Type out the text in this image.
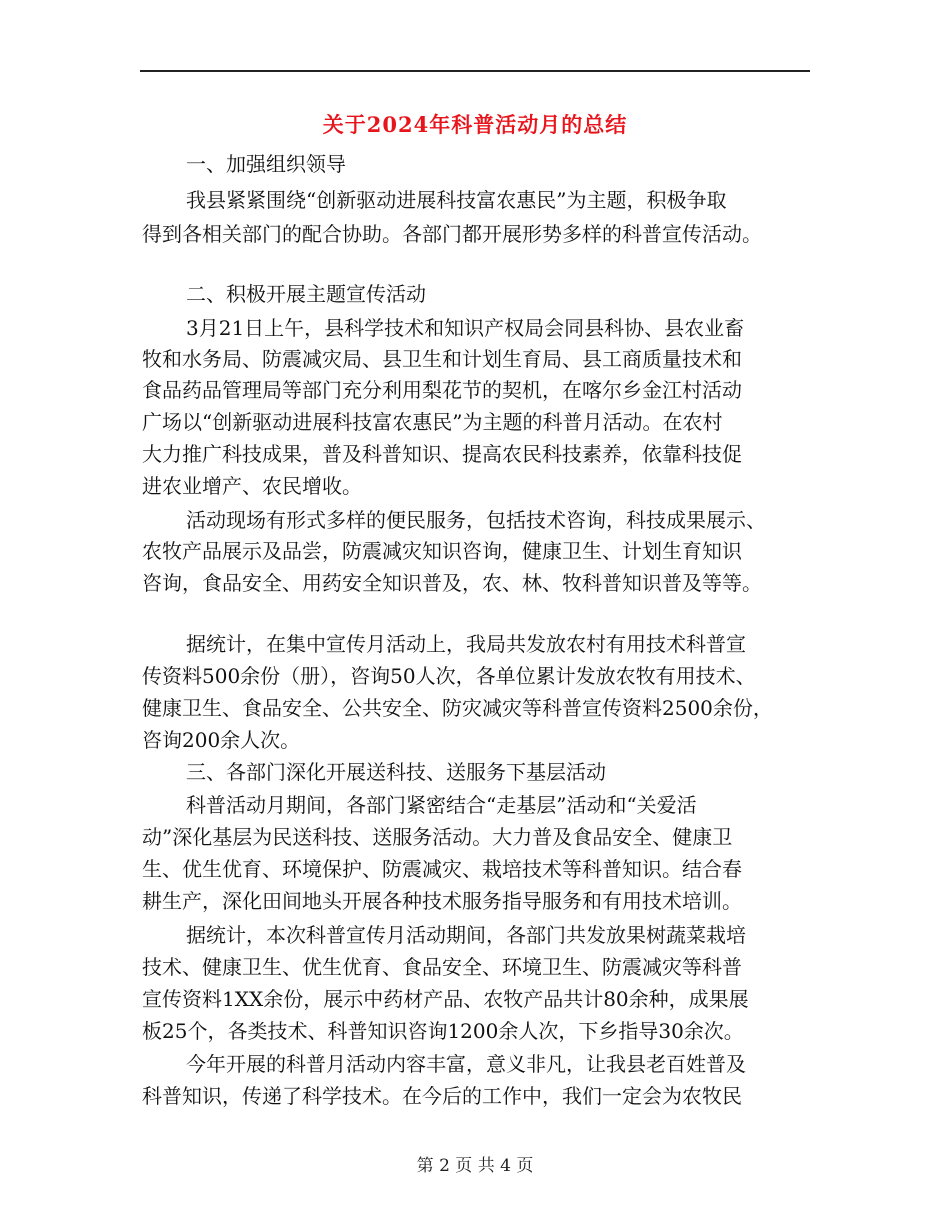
关于2024年科普活动月的总结
一、加强组织领导
我县紧紧围绕“创新驱动进展科技富农惠民”为主题，积极争取
得到各相关部门的配合协助。各部门都开展形势多样的科普宣传活动。
二、积极开展主题宣传活动
3月21日上午，县科学技术和知识产权局会同县科协、县农业畜
牧和水务局、防震减灾局、县卫生和计划生育局、县工商质量技术和
食品药品管理局等部门充分利用梨花节的契机，在喀尔乡金江村活动
广场以“创新驱动进展科技富农惠民”为主题的科普月活动。在农村
大力推广科技成果，普及科普知识、提高农民科技素养，依靠科技促
进农业增产、农民增收。
活动现场有形式多样的便民服务，包括技术咨询，科技成果展示、
农牧产品展示及品尝，防震减灾知识咨询，健康卫生、计划生育知识
咨询，食品安全、用药安全知识普及，农、林、牧科普知识普及等等。
据统计，在集中宣传月活动上，我局共发放农村有用技术科普宣
传资料500余份（册），咨询50人次，各单位累计发放农牧有用技术、
健康卫生、食品安全、公共安全、防灾减灾等科普宣传资料2500余份，
咨询200余人次。
三、各部门深化开展送科技、送服务下基层活动
科普活动月期间，各部门紧密结合“走基层”活动和“关爱活
动”深化基层为民送科技、送服务活动。大力普及食品安全、健康卫
生、优生优育、环境保护、防震减灾、栽培技术等科普知识。结合春
耕生产，深化田间地头开展各种技术服务指导服务和有用技术培训。
据统计，本次科普宣传月活动期间，各部门共发放果树蔬菜栽培
技术、健康卫生、优生优育、食品安全、环境卫生、防震减灾等科普
宣传资料1XX余份，展示中药材产品、农牧产品共计80余种，成果展
板25个，各类技术、科普知识咨询1200余人次，下乡指导30余次。
今年开展的科普月活动内容丰富，意义非凡，让我县老百姓普及
科普知识，传递了科学技术。在今后的工作中，我们一定会为农牧民
第 2 页 共 4 页
